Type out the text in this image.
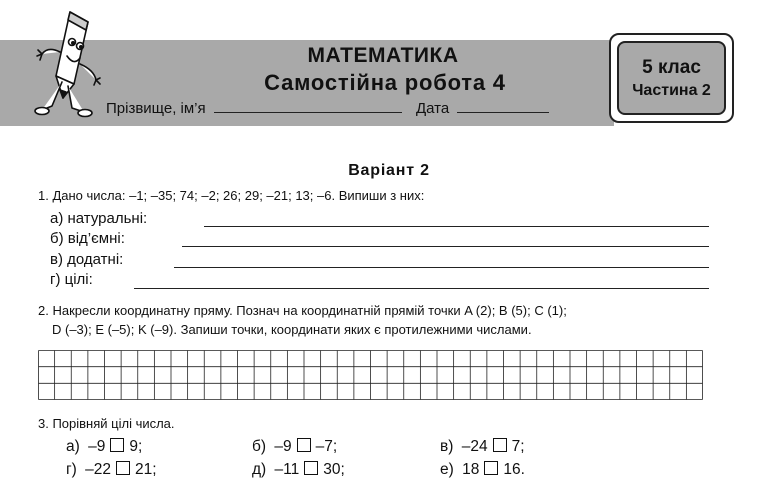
МАТЕМАТИКА
Самостійна робота 4
Прізвище, ім’я	Дата
5 клас
Частина 2
Варіант 2
1. Дано числа: –1; –35; 74; –2; 26; 29; –21; 13; –6. Випиши з них:
а) натуральні:
б) від’ємні:
в) додатні:
г) цілі:
2. Накресли координатну пряму. Познач на координатній прямій точки A (2); B (5); C (1);
D (–3); E (–5); K (–9). Запиши точки, координати яких є протилежними числами.
3. Порівняй цілі числа.
а) –9 9;	б) –9 –7;	в) –24 7;
г) –22 21;	д) –11 30;	е) 18 16.
